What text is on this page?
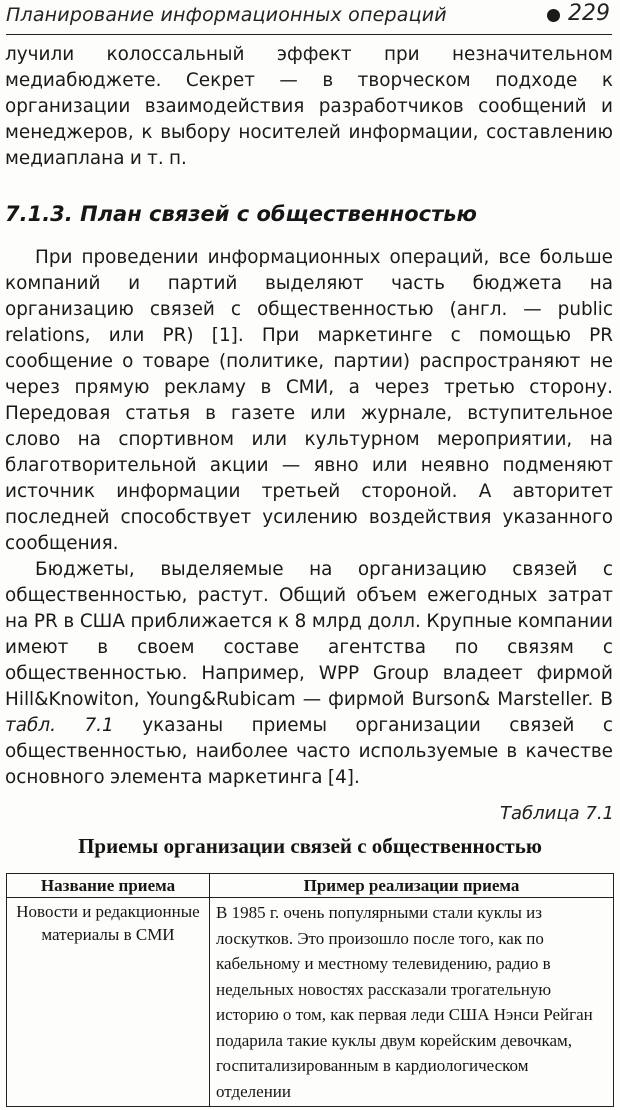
Планирование информационных операций	229

лучили колоссальный эффект при незначительном медиабюджете. Секрет — в творческом подходе к организации взаимодействия разработчиков сообщений и менеджеров, к выбору носителей информации, составлению медиаплана и т. п.

7.1.3. План связей с общественностью

При проведении информационных операций, все больше компаний и партий выделяют часть бюджета на организацию связей с общественностью (англ. — public relations, или PR) [1]. При маркетинге с помощью PR сообщение о товаре (политике, партии) распространяют не через прямую рекламу в СМИ, а через третью сторону. Передовая статья в газете или журнале, вступительное слово на спортивном или культурном мероприятии, на благотворительной акции — явно или неявно подменяют источник информации третьей стороной. А авторитет последней способствует усилению воздействия указанного сообщения.

Бюджеты, выделяемые на организацию связей с общественностью, растут. Общий объем ежегодных затрат на PR в США приближается к 8 млрд долл. Крупные компании имеют в своем составе агентства по связям с общественностью. Например, WPP Group владеет фирмой Hill&Knowiton, Young&Rubicam — фирмой Burson& Marsteller. В табл. 7.1 указаны приемы организации связей с общественностью, наиболее часто используемые в качестве основного элемента маркетинга [4].

Таблица 7.1
Приемы организации связей с общественностью
Название приема	Пример реализации приема
Новости и редакционные материалы в СМИ	В 1985 г. очень популярными стали куклы из лоскутков. Это произошло после того, как по кабельному и местному телевидению, радио в недельных новостях рассказали трогательную историю о том, как первая леди США Нэнси Рейган подарила такие куклы двум корейским девочкам, госпитализированным в кардиологическом отделении
